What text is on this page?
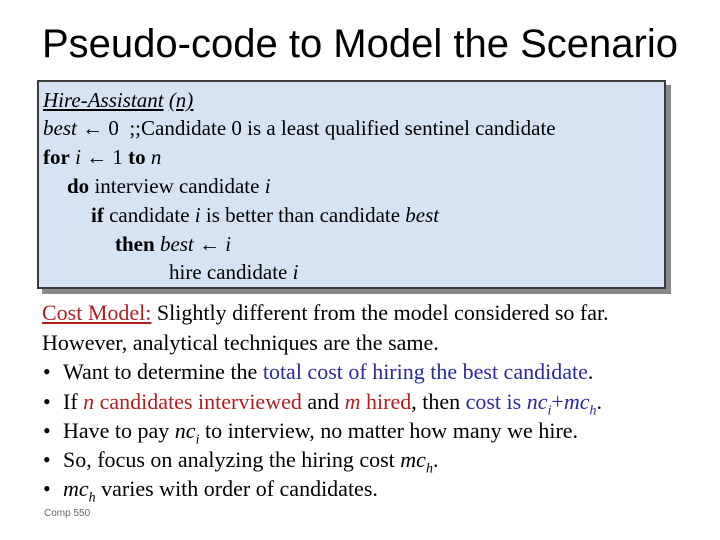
Pseudo-code to Model the Scenario
Hire-Assistant (n)
best ← 0 ;;Candidate 0 is a least qualified sentinel candidate
for i ← 1 to n
do interview candidate i
if candidate i is better than candidate best
then best ← i
hire candidate i
Cost Model: Slightly different from the model considered so far.
However, analytical techniques are the same.
• Want to determine the total cost of hiring the best candidate.
• If n candidates interviewed and m hired, then cost is $nc_i+mc_h$.
• Have to pay $nc_i$ to interview, no matter how many we hire.
• So, focus on analyzing the hiring cost $mc_h$.
• $mc_h$ varies with order of candidates.
Comp 550
